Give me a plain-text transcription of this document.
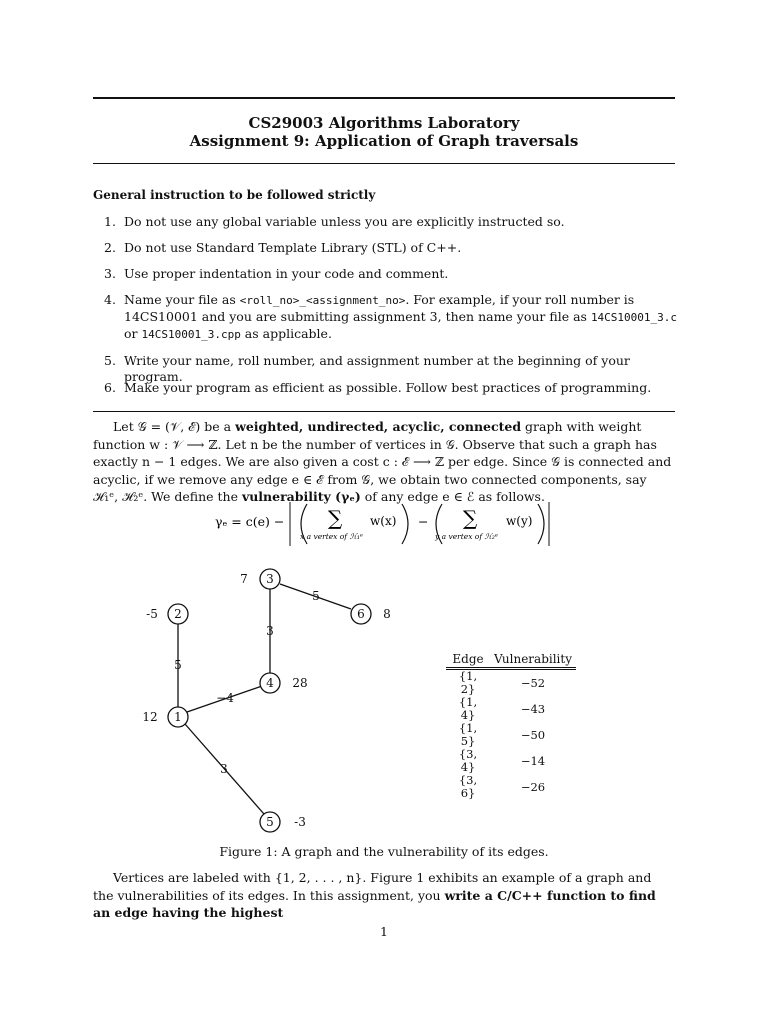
CS29003 Algorithms Laboratory
Assignment 9: Application of Graph traversals
General instruction to be followed strictly
1. Do not use any global variable unless you are explicitly instructed so.
2. Do not use Standard Template Library (STL) of C++.
3. Use proper indentation in your code and comment.
4. Name your file as <roll_no>_<assignment_no>. For example, if your roll number is 14CS10001 and you are submitting assignment 3, then name your file as 14CS10001_3.c or 14CS10001_3.cpp as applicable.
5. Write your name, roll number, and assignment number at the beginning of your program.
6. Make your program as efficient as possible. Follow best practices of programming.
Let 𝒢 = (𝒱, ℰ) be a weighted, undirected, acyclic, connected graph with weight function w : 𝒱 ⟶ ℤ. Let n be the number of vertices in 𝒢. Observe that such a graph has exactly n − 1 edges. We are also given a cost c : ℰ ⟶ ℤ per edge. Since 𝒢 is connected and acyclic, if we remove any edge e ∈ ℰ from 𝒢, we obtain two connected components, say ℋ₁ᵉ, ℋ₂ᵉ. We define the vulnerability (γₑ) of any edge e ∈ ℰ as follows.
γₑ = c(e) − ∑
x a vertex of ℋ₁ᵉ
w(x) − ∑
y a vertex of ℋ₂ᵉ
w(y)
1
2
3
4
5
6
12
-5
7
28
-3
8
5
−4
3
3
5
Edge	Vulnerability
{1, 2}	−52
{1, 4}	−43
{1, 5}	−50
{3, 4}	−14
{3, 6}	−26
Figure 1: A graph and the vulnerability of its edges.
Vertices are labeled with {1, 2, . . . , n}. Figure 1 exhibits an example of a graph and the vulnerabilities of its edges. In this assignment, you write a C/C++ function to find an edge having the highest
1
